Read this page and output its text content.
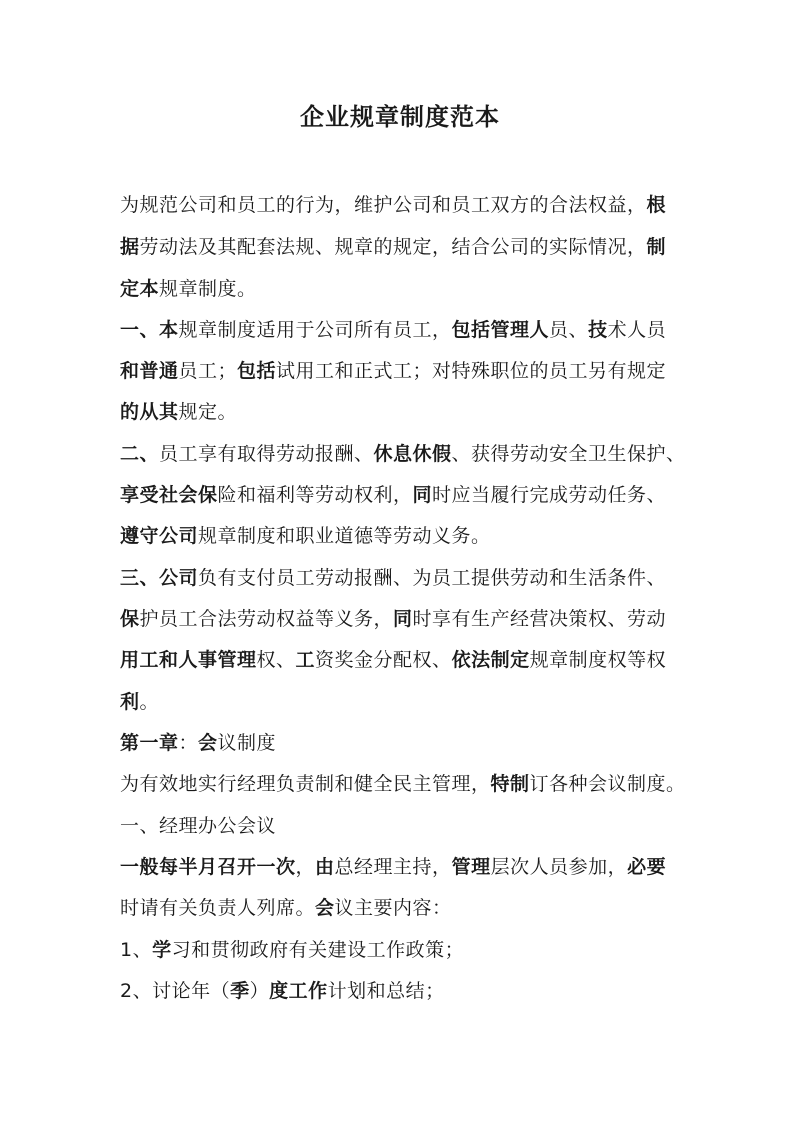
企业规章制度范本
为规范公司和员工的行为，维护公司和员工双方的合法权益，根
据劳动法及其配套法规、规章的规定，结合公司的实际情况，制
定本规章制度。
一、本规章制度适用于公司所有员工，包括管理人员、技术人员
和普通员工；包括试用工和正式工；对特殊职位的员工另有规定
的从其规定。
二、员工享有取得劳动报酬、休息休假、获得劳动安全卫生保护、
享受社会保险和福利等劳动权利，同时应当履行完成劳动任务、
遵守公司规章制度和职业道德等劳动义务。
三、公司负有支付员工劳动报酬、为员工提供劳动和生活条件、
保护员工合法劳动权益等义务，同时享有生产经营决策权、劳动
用工和人事管理权、工资奖金分配权、依法制定规章制度权等权
利。
第一章：会议制度
为有效地实行经理负责制和健全民主管理，特制订各种会议制度。
一、经理办公会议
一般每半月召开一次，由总经理主持，管理层次人员参加，必要
时请有关负责人列席。会议主要内容：
1、学习和贯彻政府有关建设工作政策；
2、讨论年（季）度工作计划和总结；
